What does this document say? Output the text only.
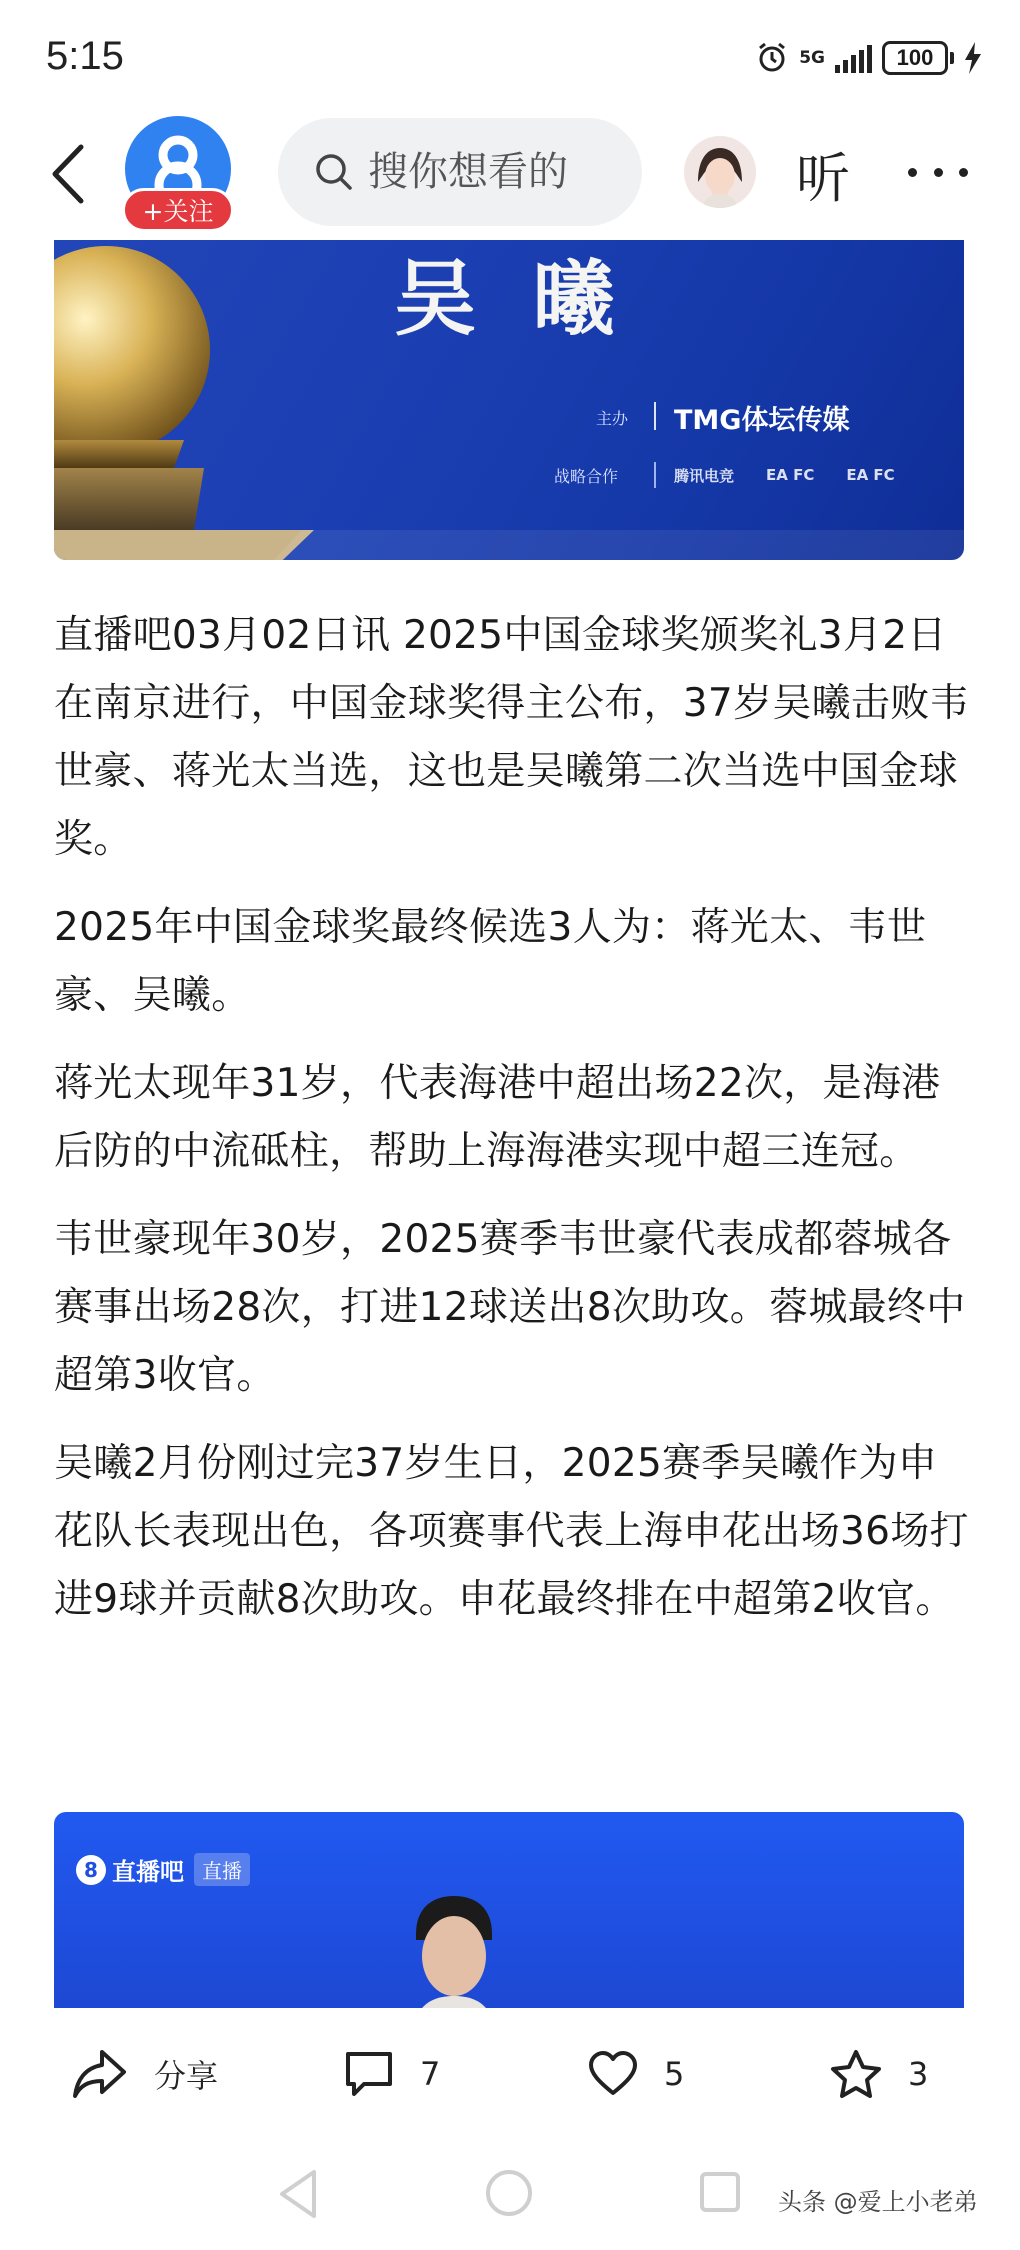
5:15	5G	100
+关注
搜你想看的
听
吴 曦
主办 TMG体坛传媒
战略合作	腾讯电竞	EA FC	EA FC

直播吧03月02日讯 2025中国金球奖颁奖礼3月2日在南京进行，中国金球奖得主公布，37岁吴曦击败韦世豪、蒋光太当选，这也是吴曦第二次当选中国金球奖。

2025年中国金球奖最终候选3人为：蒋光太、韦世豪、吴曦。

蒋光太现年31岁，代表海港中超出场22次，是海港后防的中流砥柱，帮助上海海港实现中超三连冠。

韦世豪现年30岁，2025赛季韦世豪代表成都蓉城各赛事出场28次，打进12球送出8次助攻。蓉城最终中超第3收官。

吴曦2月份刚过完37岁生日，2025赛季吴曦作为申花队长表现出色，各项赛事代表上海申花出场36场打进9球并贡献8次助攻。申花最终排在中超第2收官。

8 直播吧 直播
分享	7	5	3
头条 @爱上小老弟
